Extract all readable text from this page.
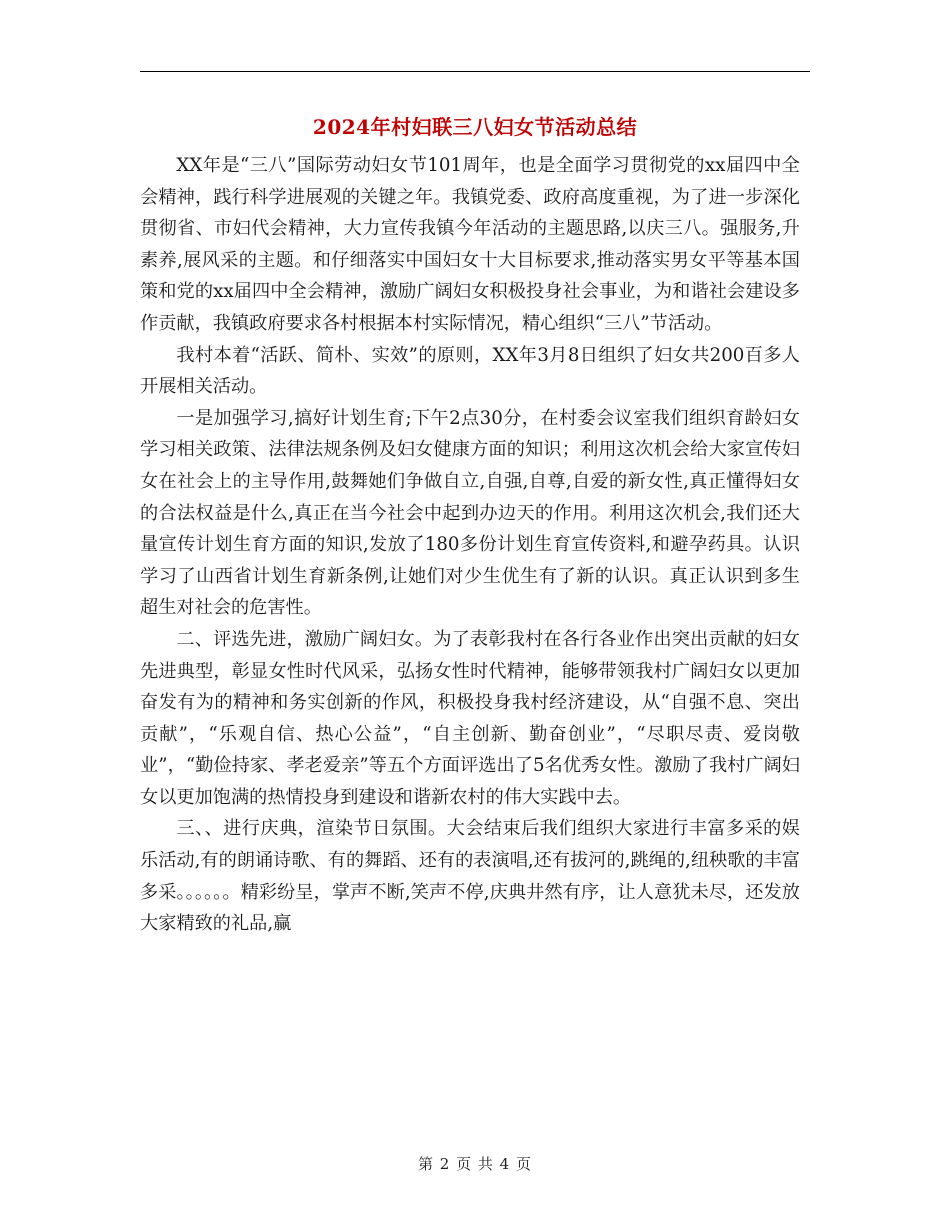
2024年村妇联三八妇女节活动总结

XX年是“三八”国际劳动妇女节101周年，也是全面学习贯彻党的xx届四中全会精神，践行科学进展观的关键之年。我镇党委、政府高度重视，为了进一步深化贯彻省、市妇代会精神，大力宣传我镇今年活动的主题思路,以庆三八。强服务,升素养,展风采的主题。和仔细落实中国妇女十大目标要求,推动落实男女平等基本国策和党的xx届四中全会精神，激励广阔妇女积极投身社会事业，为和谐社会建设多作贡献，我镇政府要求各村根据本村实际情况，精心组织“三八”节活动。

我村本着“活跃、简朴、实效”的原则，XX年3月8日组织了妇女共200百多人开展相关活动。

一是加强学习,搞好计划生育;下午2点30分，在村委会议室我们组织育龄妇女学习相关政策、法律法规条例及妇女健康方面的知识；利用这次机会给大家宣传妇女在社会上的主导作用,鼓舞她们争做自立,自强,自尊,自爱的新女性,真正懂得妇女的合法权益是什么,真正在当今社会中起到办边天的作用。利用这次机会,我们还大量宣传计划生育方面的知识,发放了180多份计划生育宣传资料,和避孕药具。认识学习了山西省计划生育新条例,让她们对少生优生有了新的认识。真正认识到多生超生对社会的危害性。

二、评选先进，激励广阔妇女。为了表彰我村在各行各业作出突出贡献的妇女先进典型，彰显女性时代风采，弘扬女性时代精神，能够带领我村广阔妇女以更加奋发有为的精神和务实创新的作风，积极投身我村经济建设，从“自强不息、突出贡献”，“乐观自信、热心公益”，“自主创新、勤奋创业”，“尽职尽责、爱岗敬业”，“勤俭持家、孝老爱亲”等五个方面评选出了5名优秀女性。激励了我村广阔妇女以更加饱满的热情投身到建设和谐新农村的伟大实践中去。

三、、进行庆典，渲染节日氛围。大会结束后我们组织大家进行丰富多采的娱乐活动,有的朗诵诗歌、有的舞蹈、还有的表演唱,还有拔河的,跳绳的,纽秧歌的丰富多采。。。。。。精彩纷呈，掌声不断,笑声不停,庆典井然有序，让人意犹未尽，还发放大家精致的礼品,赢

第 2 页 共 4 页
